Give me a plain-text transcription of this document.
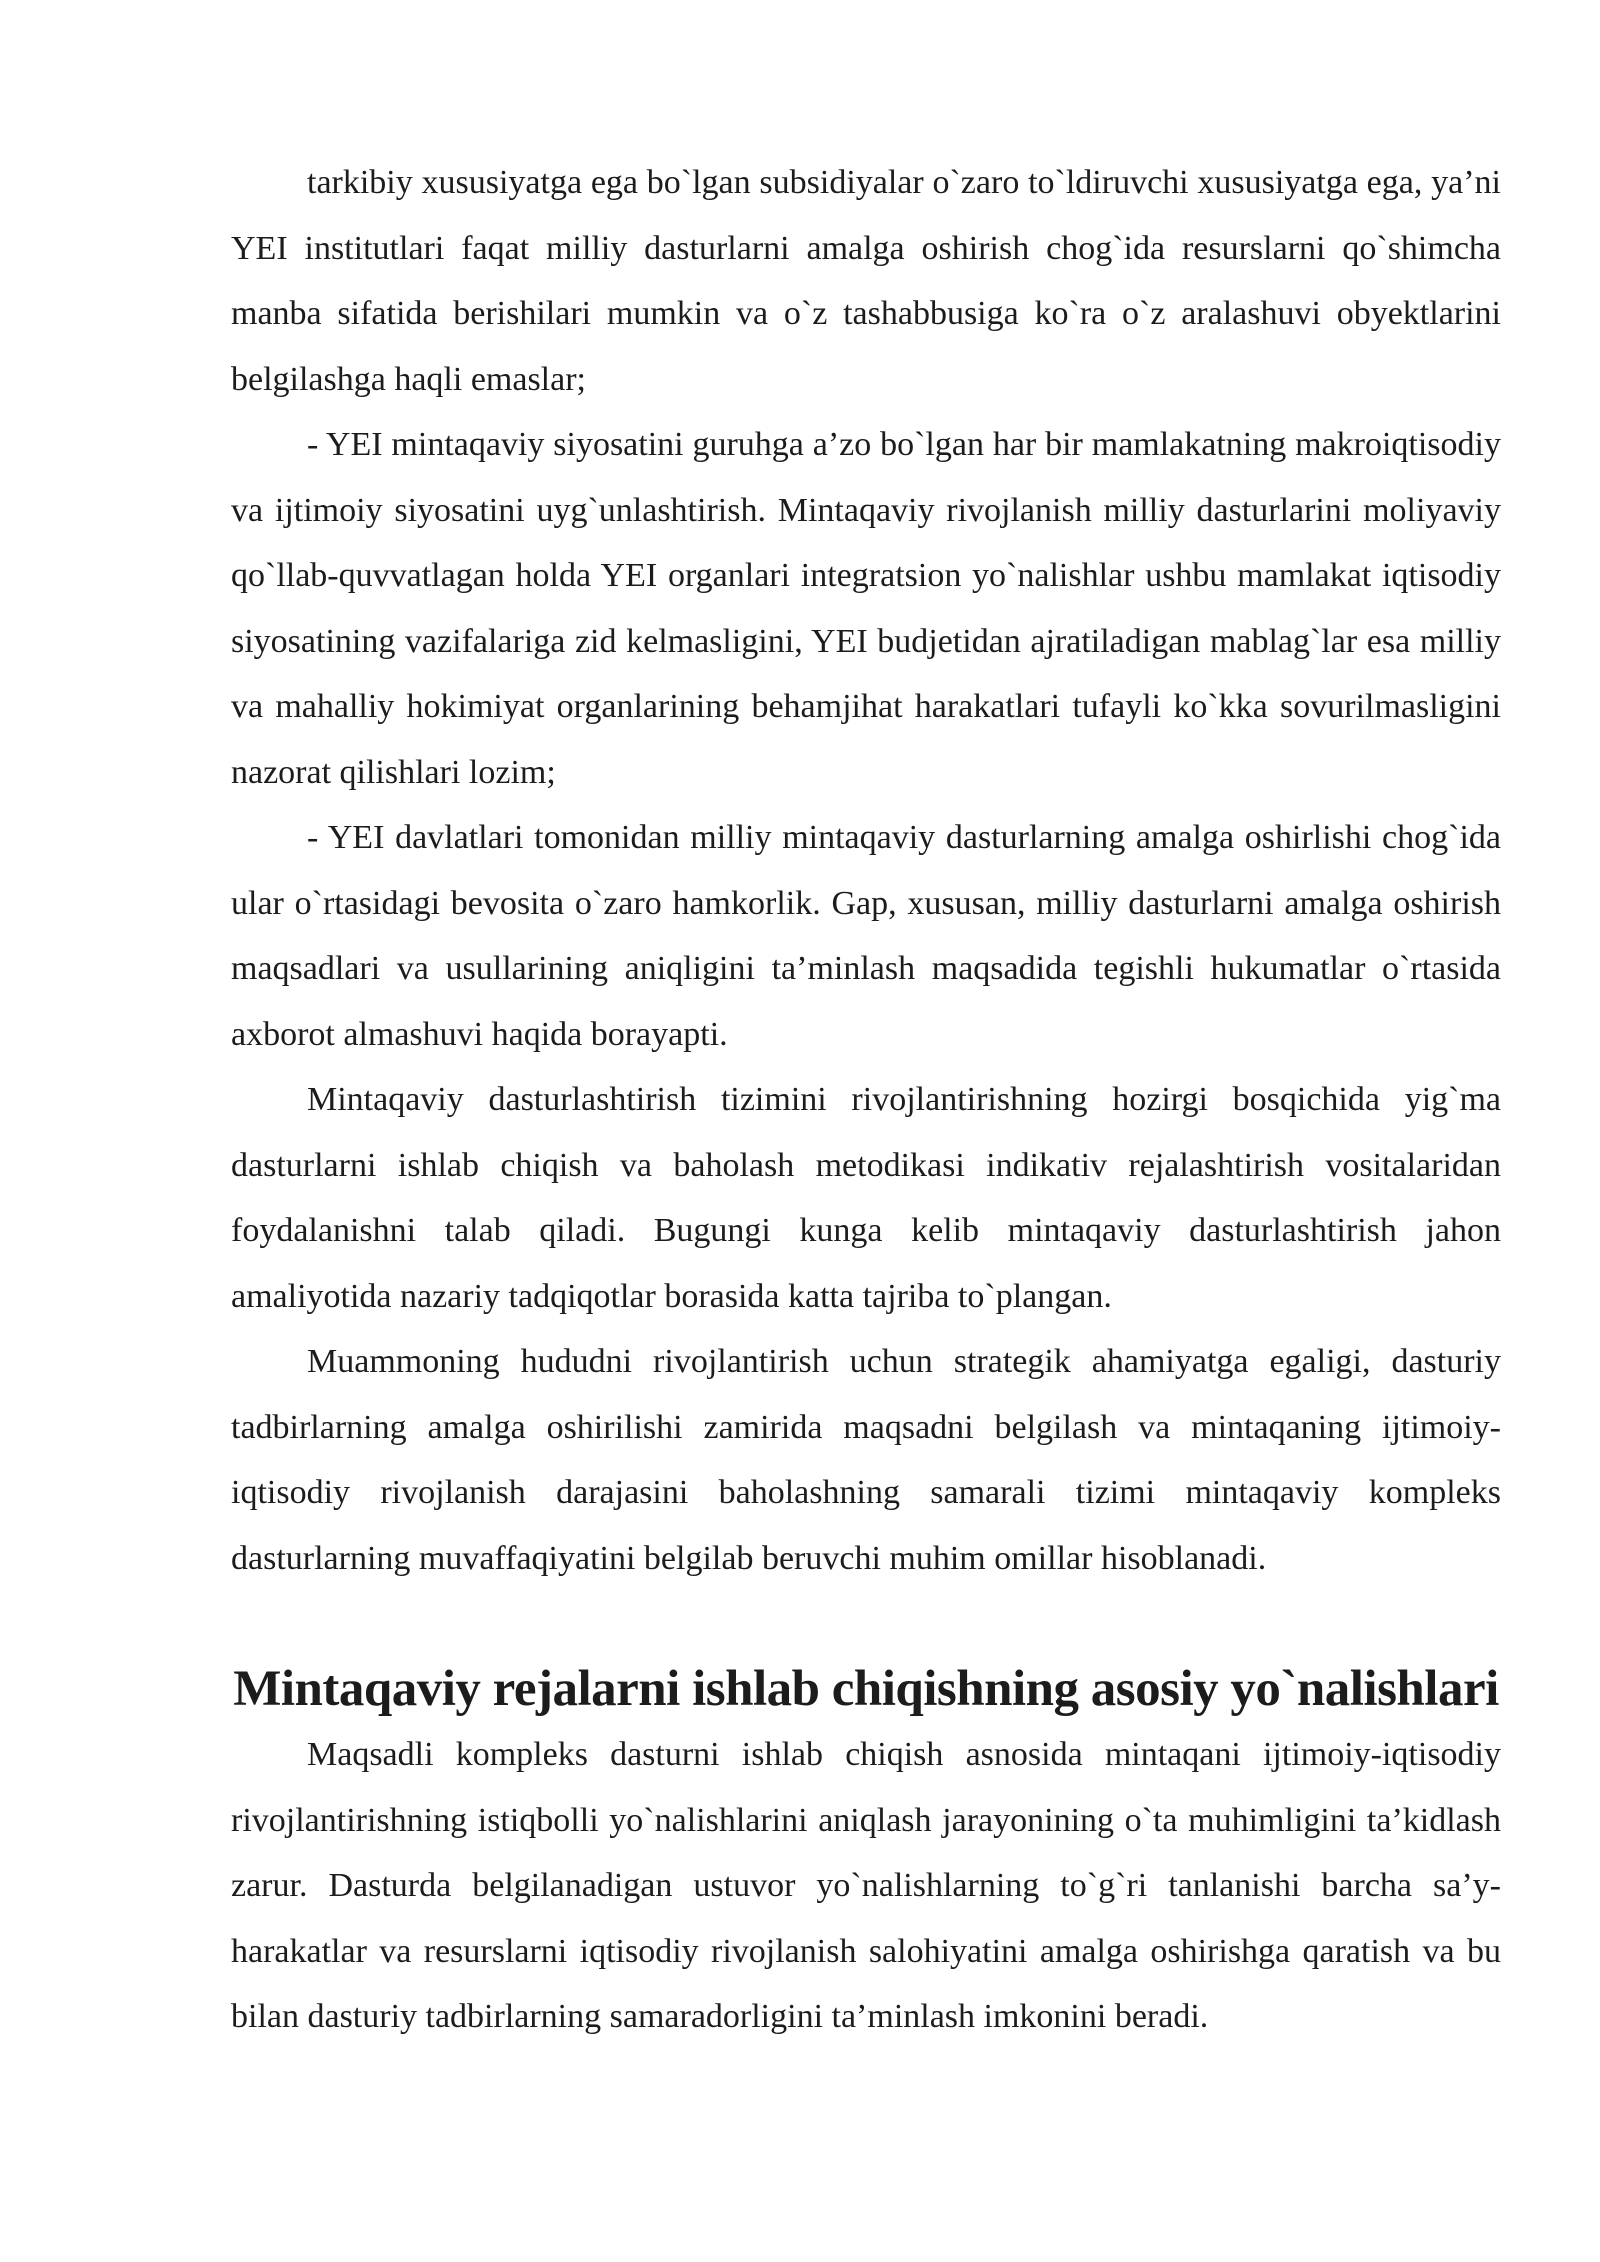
tarkibiy xususiyatga ega bo`lgan subsidiyalar o`zaro to`ldiruvchi xususiyatga ega, ya’ni YEI institutlari faqat milliy dasturlarni amalga oshirish chog`ida resurslarni qo`shimcha manba sifatida berishilari mumkin va o`z tashabbusiga ko`ra o`z aralashuvi obyektlarini belgilashga haqli emaslar;

- YEI mintaqaviy siyosatini guruhga a’zo bo`lgan har bir mamlakatning makroiqtisodiy va ijtimoiy siyosatini uyg`unlashtirish. Mintaqaviy rivojlanish milliy dasturlarini moliyaviy qo`llab-quvvatlagan holda YEI organlari integratsion yo`nalishlar ushbu mamlakat iqtisodiy siyosatining vazifalariga zid kelmasligini, YEI budjetidan ajratiladigan mablag`lar esa milliy va mahalliy hokimiyat organlarining behamjihat harakatlari tufayli ko`kka sovurilmasligini nazorat qilishlari lozim;

- YEI davlatlari tomonidan milliy mintaqaviy dasturlarning amalga oshirlishi chog`ida ular o`rtasidagi bevosita o`zaro hamkorlik. Gap, xususan, milliy dasturlarni amalga oshirish maqsadlari va usullarining aniqligini ta’minlash maqsadida tegishli hukumatlar o`rtasida axborot almashuvi haqida borayapti.

Mintaqaviy dasturlashtirish tizimini rivojlantirishning hozirgi bosqichida yig`ma dasturlarni ishlab chiqish va baholash metodikasi indikativ rejalashtirish vositalaridan foydalanishni talab qiladi. Bugungi kunga kelib mintaqaviy dasturlashtirish jahon amaliyotida nazariy tadqiqotlar borasida katta tajriba to`plangan.

Muammoning hududni rivojlantirish uchun strategik ahamiyatga egaligi, dasturiy tadbirlarning amalga oshirilishi zamirida maqsadni belgilash va mintaqaning ijtimoiy-iqtisodiy rivojlanish darajasini baholashning samarali tizimi mintaqaviy kompleks dasturlarning muvaffaqiyatini belgilab beruvchi muhim omillar hisoblanadi.

Mintaqaviy rejalarni ishlab chiqishning asosiy yo`nalishlari

Maqsadli kompleks dasturni ishlab chiqish asnosida mintaqani ijtimoiy-iqtisodiy rivojlantirishning istiqbolli yo`nalishlarini aniqlash jarayonining o`ta muhimligini ta’kidlash zarur. Dasturda belgilanadigan ustuvor yo`nalishlarning to`g`ri tanlanishi barcha sa’y-harakatlar va resurslarni iqtisodiy rivojlanish salohiyatini amalga oshirishga qaratish va bu bilan dasturiy tadbirlarning samaradorligini ta’minlash imkonini beradi.
